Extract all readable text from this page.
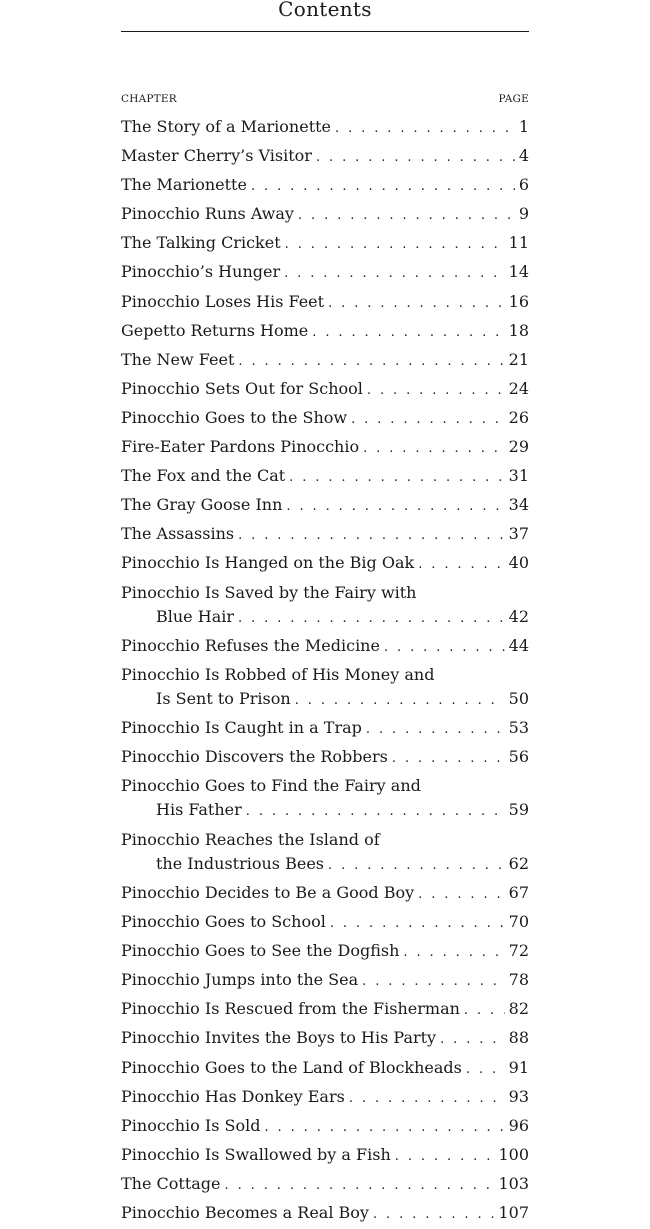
Contents
CHAPTER	PAGE
The Story of a Marionette . . .	1
Master Cherry’s Visitor . . .	4
The Marionette . . .	6
Pinocchio Runs Away . . .	9
The Talking Cricket . . .	11
Pinocchio’s Hunger . . .	14
Pinocchio Loses His Feet . . .	16
Gepetto Returns Home . . .	18
The New Feet . . .	21
Pinocchio Sets Out for School . . .	24
Pinocchio Goes to the Show . . .	26
Fire-Eater Pardons Pinocchio . . .	29
The Fox and the Cat . . .	31
The Gray Goose Inn . . .	34
The Assassins . . .	37
Pinocchio Is Hanged on the Big Oak . . .	40
Pinocchio Is Saved by the Fairy with
Blue Hair . . .	42
Pinocchio Refuses the Medicine . . .	44
Pinocchio Is Robbed of His Money and
Is Sent to Prison . . .	50
Pinocchio Is Caught in a Trap . . .	53
Pinocchio Discovers the Robbers . . .	56
Pinocchio Goes to Find the Fairy and
His Father . . .	59
Pinocchio Reaches the Island of
the Industrious Bees . . .	62
Pinocchio Decides to Be a Good Boy . . .	67
Pinocchio Goes to School . . .	70
Pinocchio Goes to See the Dogfish . . .	72
Pinocchio Jumps into the Sea . . .	78
Pinocchio Is Rescued from the Fisherman . . .	82
Pinocchio Invites the Boys to His Party . . .	88
Pinocchio Goes to the Land of Blockheads . . .	91
Pinocchio Has Donkey Ears . . .	93
Pinocchio Is Sold . . .	96
Pinocchio Is Swallowed by a Fish . . .	100
The Cottage . . .	103
Pinocchio Becomes a Real Boy . . .	107
